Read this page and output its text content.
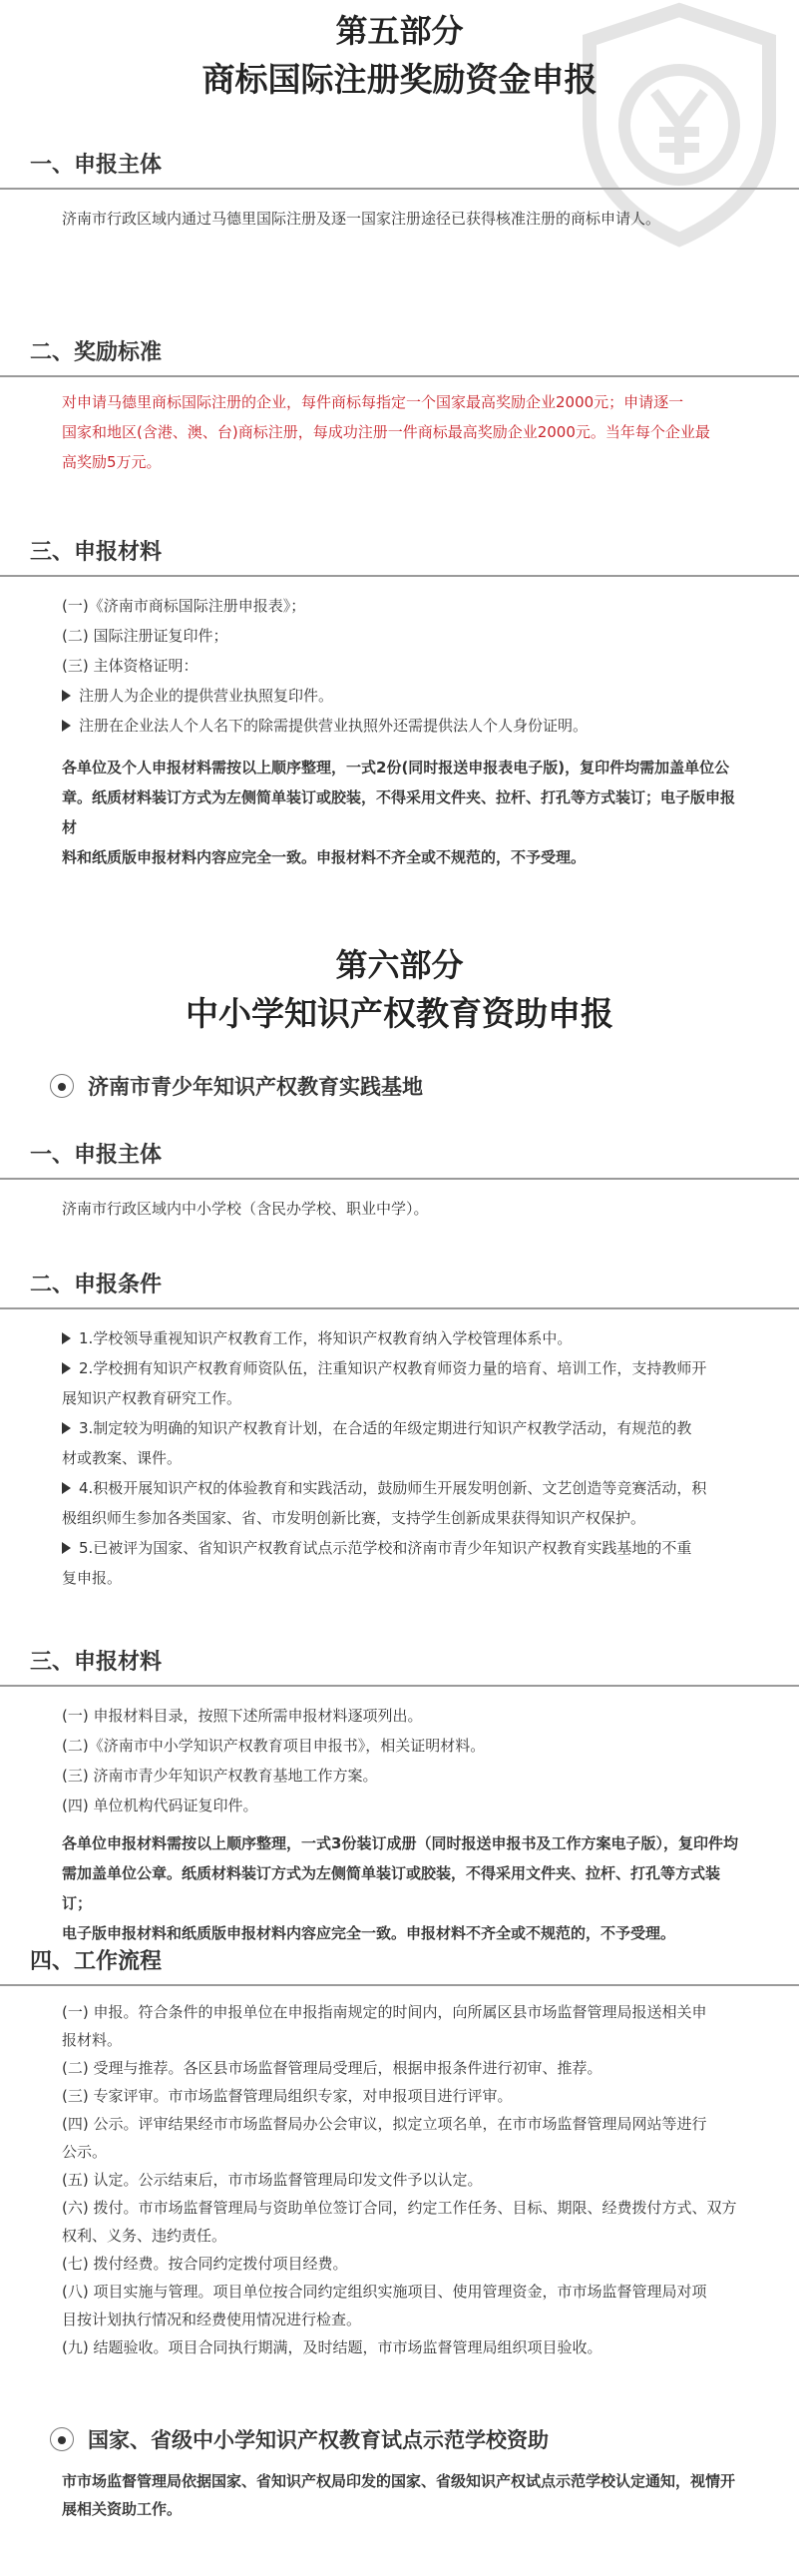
第五部分
商标国际注册奖励资金申报
一、申报主体
济南市行政区域内通过马德里国际注册及逐一国家注册途径已获得核准注册的商标申请人。
二、奖励标准
对申请马德里商标国际注册的企业，每件商标每指定一个国家最高奖励企业2000元；申请逐一
国家和地区(含港、澳、台)商标注册，每成功注册一件商标最高奖励企业2000元。当年每个企业最
高奖励5万元。
三、申报材料
(一)《济南市商标国际注册申报表》；
(二) 国际注册证复印件；
(三) 主体资格证明：
注册人为企业的提供营业执照复印件。
注册在企业法人个人名下的除需提供营业执照外还需提供法人个人身份证明。
各单位及个人申报材料需按以上顺序整理，一式2份(同时报送申报表电子版)，复印件均需加盖单位公
章。纸质材料装订方式为左侧简单装订或胶装，不得采用文件夹、拉杆、打孔等方式装订；电子版申报材
料和纸质版申报材料内容应完全一致。申报材料不齐全或不规范的，不予受理。
第六部分
中小学知识产权教育资助申报
济南市青少年知识产权教育实践基地
一、申报主体
济南市行政区域内中小学校（含民办学校、职业中学）。
二、申报条件
1.学校领导重视知识产权教育工作，将知识产权教育纳入学校管理体系中。
2.学校拥有知识产权教育师资队伍，注重知识产权教育师资力量的培育、培训工作，支持教师开
展知识产权教育研究工作。
3.制定较为明确的知识产权教育计划，在合适的年级定期进行知识产权教学活动，有规范的教
材或教案、课件。
4.积极开展知识产权的体验教育和实践活动，鼓励师生开展发明创新、文艺创造等竞赛活动，积
极组织师生参加各类国家、省、市发明创新比赛，支持学生创新成果获得知识产权保护。
5.已被评为国家、省知识产权教育试点示范学校和济南市青少年知识产权教育实践基地的不重
复申报。
三、申报材料
(一) 申报材料目录，按照下述所需申报材料逐项列出。
(二)《济南市中小学知识产权教育项目申报书》，相关证明材料。
(三) 济南市青少年知识产权教育基地工作方案。
(四) 单位机构代码证复印件。
各单位申报材料需按以上顺序整理，一式3份装订成册（同时报送申报书及工作方案电子版），复印件均
需加盖单位公章。纸质材料装订方式为左侧简单装订或胶装，不得采用文件夹、拉杆、打孔等方式装订；
电子版申报材料和纸质版申报材料内容应完全一致。申报材料不齐全或不规范的，不予受理。
四、工作流程
(一) 申报。符合条件的申报单位在申报指南规定的时间内，向所属区县市场监督管理局报送相关申
报材料。
(二) 受理与推荐。各区县市场监督管理局受理后，根据申报条件进行初审、推荐。
(三) 专家评审。市市场监督管理局组织专家，对申报项目进行评审。
(四) 公示。评审结果经市市场监督局办公会审议，拟定立项名单，在市市场监督管理局网站等进行
公示。
(五) 认定。公示结束后，市市场监督管理局印发文件予以认定。
(六) 拨付。市市场监督管理局与资助单位签订合同，约定工作任务、目标、期限、经费拨付方式、双方
权利、义务、违约责任。
(七) 拨付经费。按合同约定拨付项目经费。
(八) 项目实施与管理。项目单位按合同约定组织实施项目、使用管理资金，市市场监督管理局对项
目按计划执行情况和经费使用情况进行检查。
(九) 结题验收。项目合同执行期满，及时结题，市市场监督管理局组织项目验收。
国家、省级中小学知识产权教育试点示范学校资助
市市场监督管理局依据国家、省知识产权局印发的国家、省级知识产权试点示范学校认定通知，视情开
展相关资助工作。
